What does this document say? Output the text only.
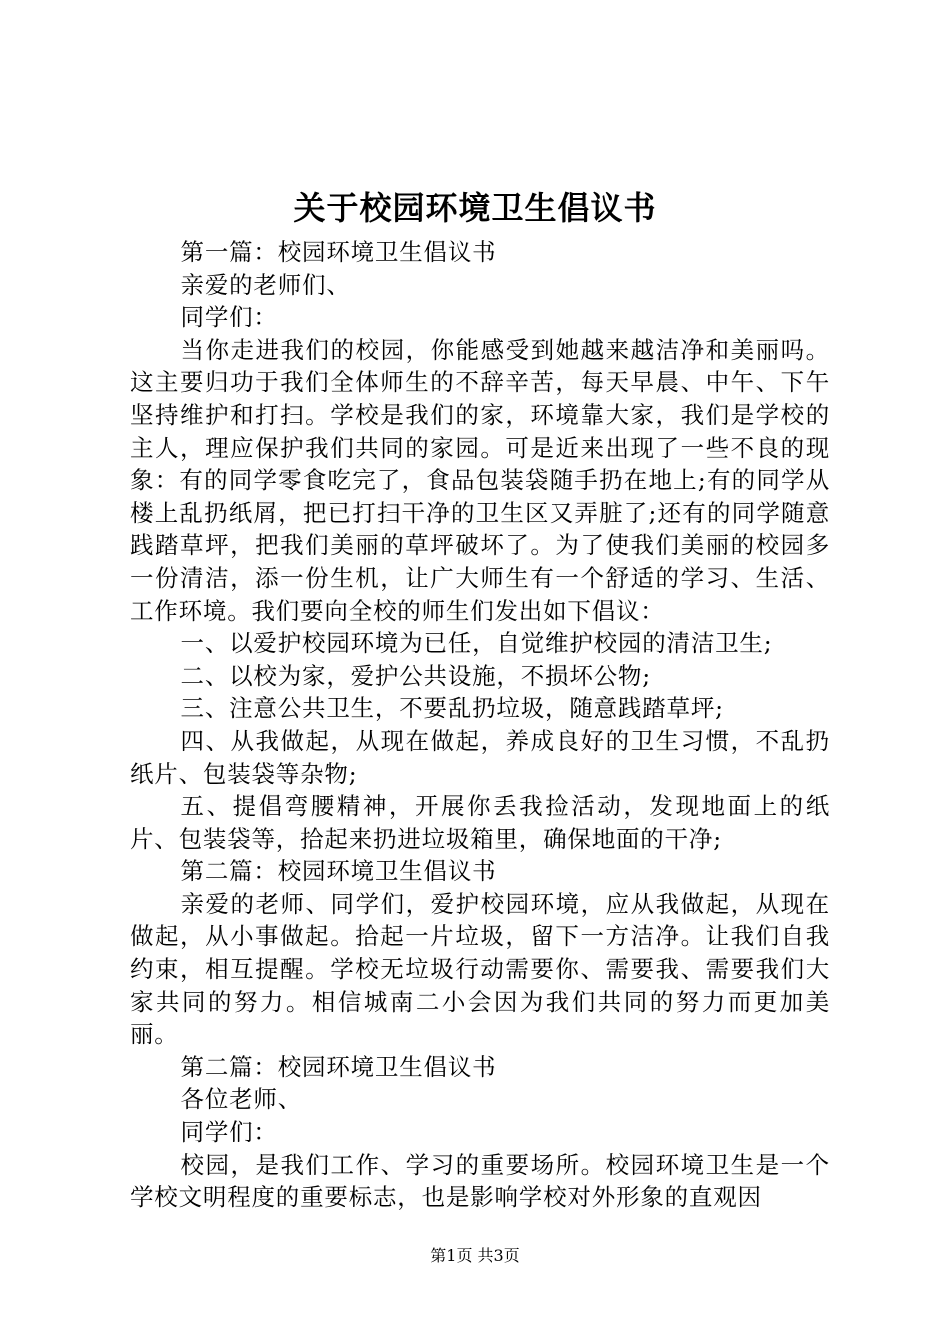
关于校园环境卫生倡议书

第一篇：校园环境卫生倡议书

亲爱的老师们、

同学们：

当你走进我们的校园，你能感受到她越来越洁净和美丽吗。这主要归功于我们全体师生的不辞辛苦，每天早晨、中午、下午坚持维护和打扫。学校是我们的家，环境靠大家，我们是学校的主人，理应保护我们共同的家园。可是近来出现了一些不良的现象：有的同学零食吃完了，食品包装袋随手扔在地上;有的同学从楼上乱扔纸屑，把已打扫干净的卫生区又弄脏了;还有的同学随意践踏草坪，把我们美丽的草坪破坏了。为了使我们美丽的校园多一份清洁，添一份生机，让广大师生有一个舒适的学习、生活、工作环境。我们要向全校的师生们发出如下倡议：

一、以爱护校园环境为已任，自觉维护校园的清洁卫生;

二、以校为家，爱护公共设施，不损坏公物;

三、注意公共卫生，不要乱扔垃圾，随意践踏草坪;

四、从我做起，从现在做起，养成良好的卫生习惯，不乱扔纸片、包装袋等杂物;

五、提倡弯腰精神，开展你丢我捡活动，发现地面上的纸片、包装袋等，拾起来扔进垃圾箱里，确保地面的干净;

第二篇：校园环境卫生倡议书

亲爱的老师、同学们，爱护校园环境，应从我做起，从现在做起，从小事做起。拾起一片垃圾，留下一方洁净。让我们自我约束，相互提醒。学校无垃圾行动需要你、需要我、需要我们大家共同的努力。相信城南二小会因为我们共同的努力而更加美丽。

第二篇：校园环境卫生倡议书

各位老师、

同学们：

校园，是我们工作、学习的重要场所。校园环境卫生是一个学校文明程度的重要标志，也是影响学校对外形象的直观因

第1页 共3页
